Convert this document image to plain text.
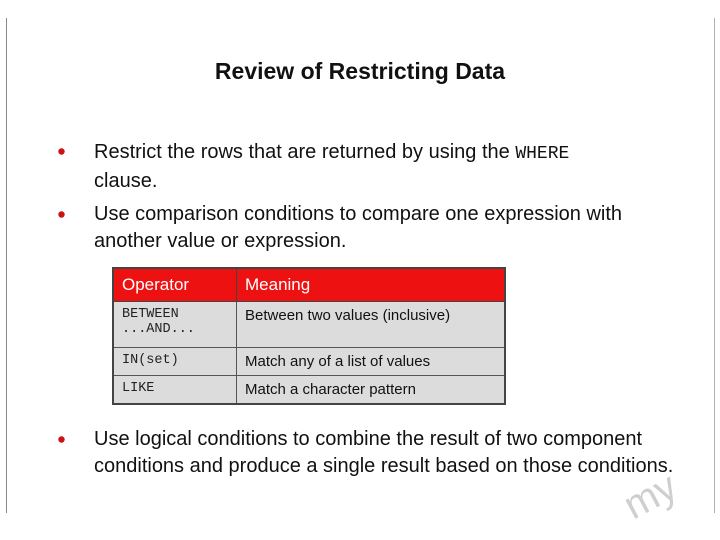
Review of Restricting Data
Restrict the rows that are returned by using the WHERE
clause.
Use comparison conditions to compare one expression with another value or expression.
Operator	Meaning
BETWEEN
...AND...	Between two values (inclusive)
IN(set)	Match any of a list of values
LIKE	Match a character pattern
Use logical conditions to combine the result of two component conditions and produce a single result based on those conditions.
my
